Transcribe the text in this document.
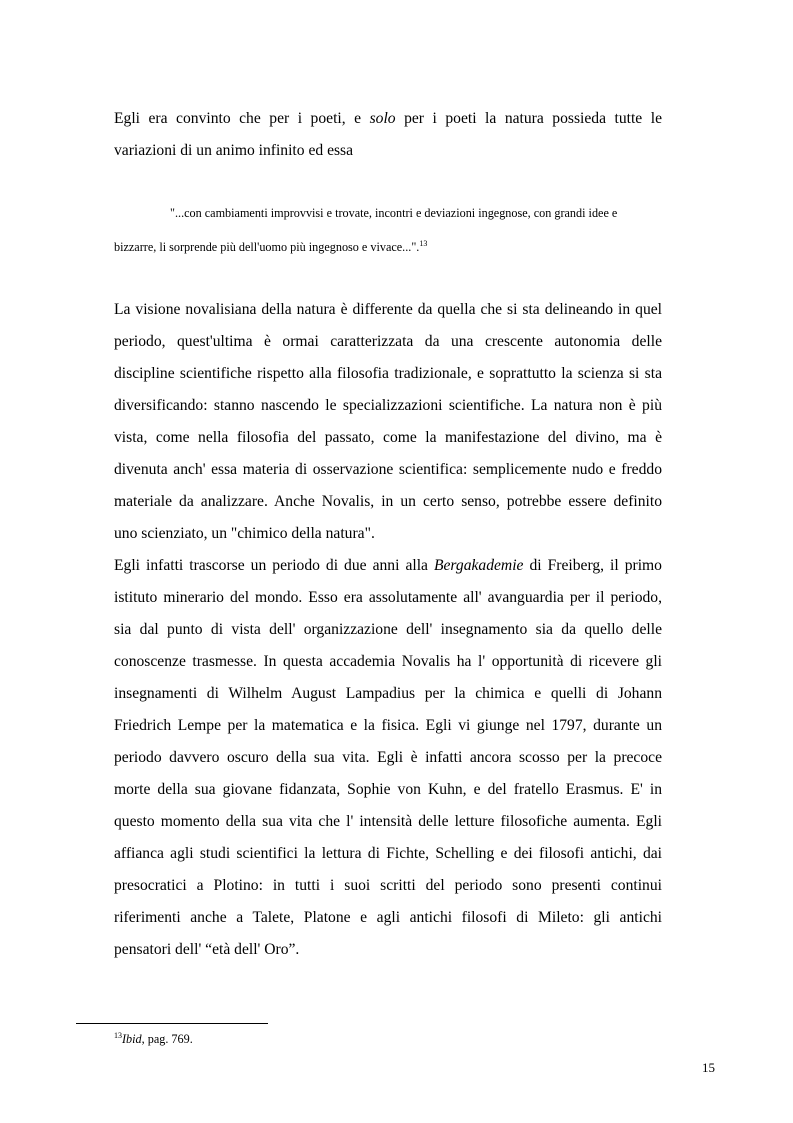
Egli era convinto che per i poeti, e solo per i poeti la natura possieda tutte le
variazioni di un animo infinito ed essa
"...con cambiamenti improvvisi e trovate, incontri e deviazioni ingegnose, con grandi idee e
bizzarre, li sorprende più dell'uomo più ingegnoso e vivace...".$^{13}$
La visione novalisiana della natura è differente da quella che si sta delineando in quel
periodo, quest'ultima è ormai caratterizzata da una crescente autonomia delle
discipline scientifiche rispetto alla filosofia tradizionale, e soprattutto la scienza si sta
diversificando: stanno nascendo le specializzazioni scientifiche. La natura non è più
vista, come nella filosofia del passato, come la manifestazione del divino, ma è
divenuta anch' essa materia di osservazione scientifica: semplicemente nudo e freddo
materiale da analizzare. Anche Novalis, in un certo senso, potrebbe essere definito
uno scienziato, un "chimico della natura".
Egli infatti trascorse un periodo di due anni alla Bergakademie di Freiberg, il primo
istituto minerario del mondo. Esso era assolutamente all' avanguardia per il periodo,
sia dal punto di vista dell' organizzazione dell' insegnamento sia da quello delle
conoscenze trasmesse. In questa accademia Novalis ha l' opportunità di ricevere gli
insegnamenti di Wilhelm August Lampadius per la chimica e quelli di Johann
Friedrich Lempe per la matematica e la fisica. Egli vi giunge nel 1797, durante un
periodo davvero oscuro della sua vita. Egli è infatti ancora scosso per la precoce
morte della sua giovane fidanzata, Sophie von Kuhn, e del fratello Erasmus. E' in
questo momento della sua vita che l' intensità delle letture filosofiche aumenta. Egli
affianca agli studi scientifici la lettura di Fichte, Schelling e dei filosofi antichi, dai
presocratici a Plotino: in tutti i suoi scritti del periodo sono presenti continui
riferimenti anche a Talete, Platone e agli antichi filosofi di Mileto: gli antichi
pensatori dell' “età dell' Oro”.
$^{13}$Ibid, pag. 769.
15
